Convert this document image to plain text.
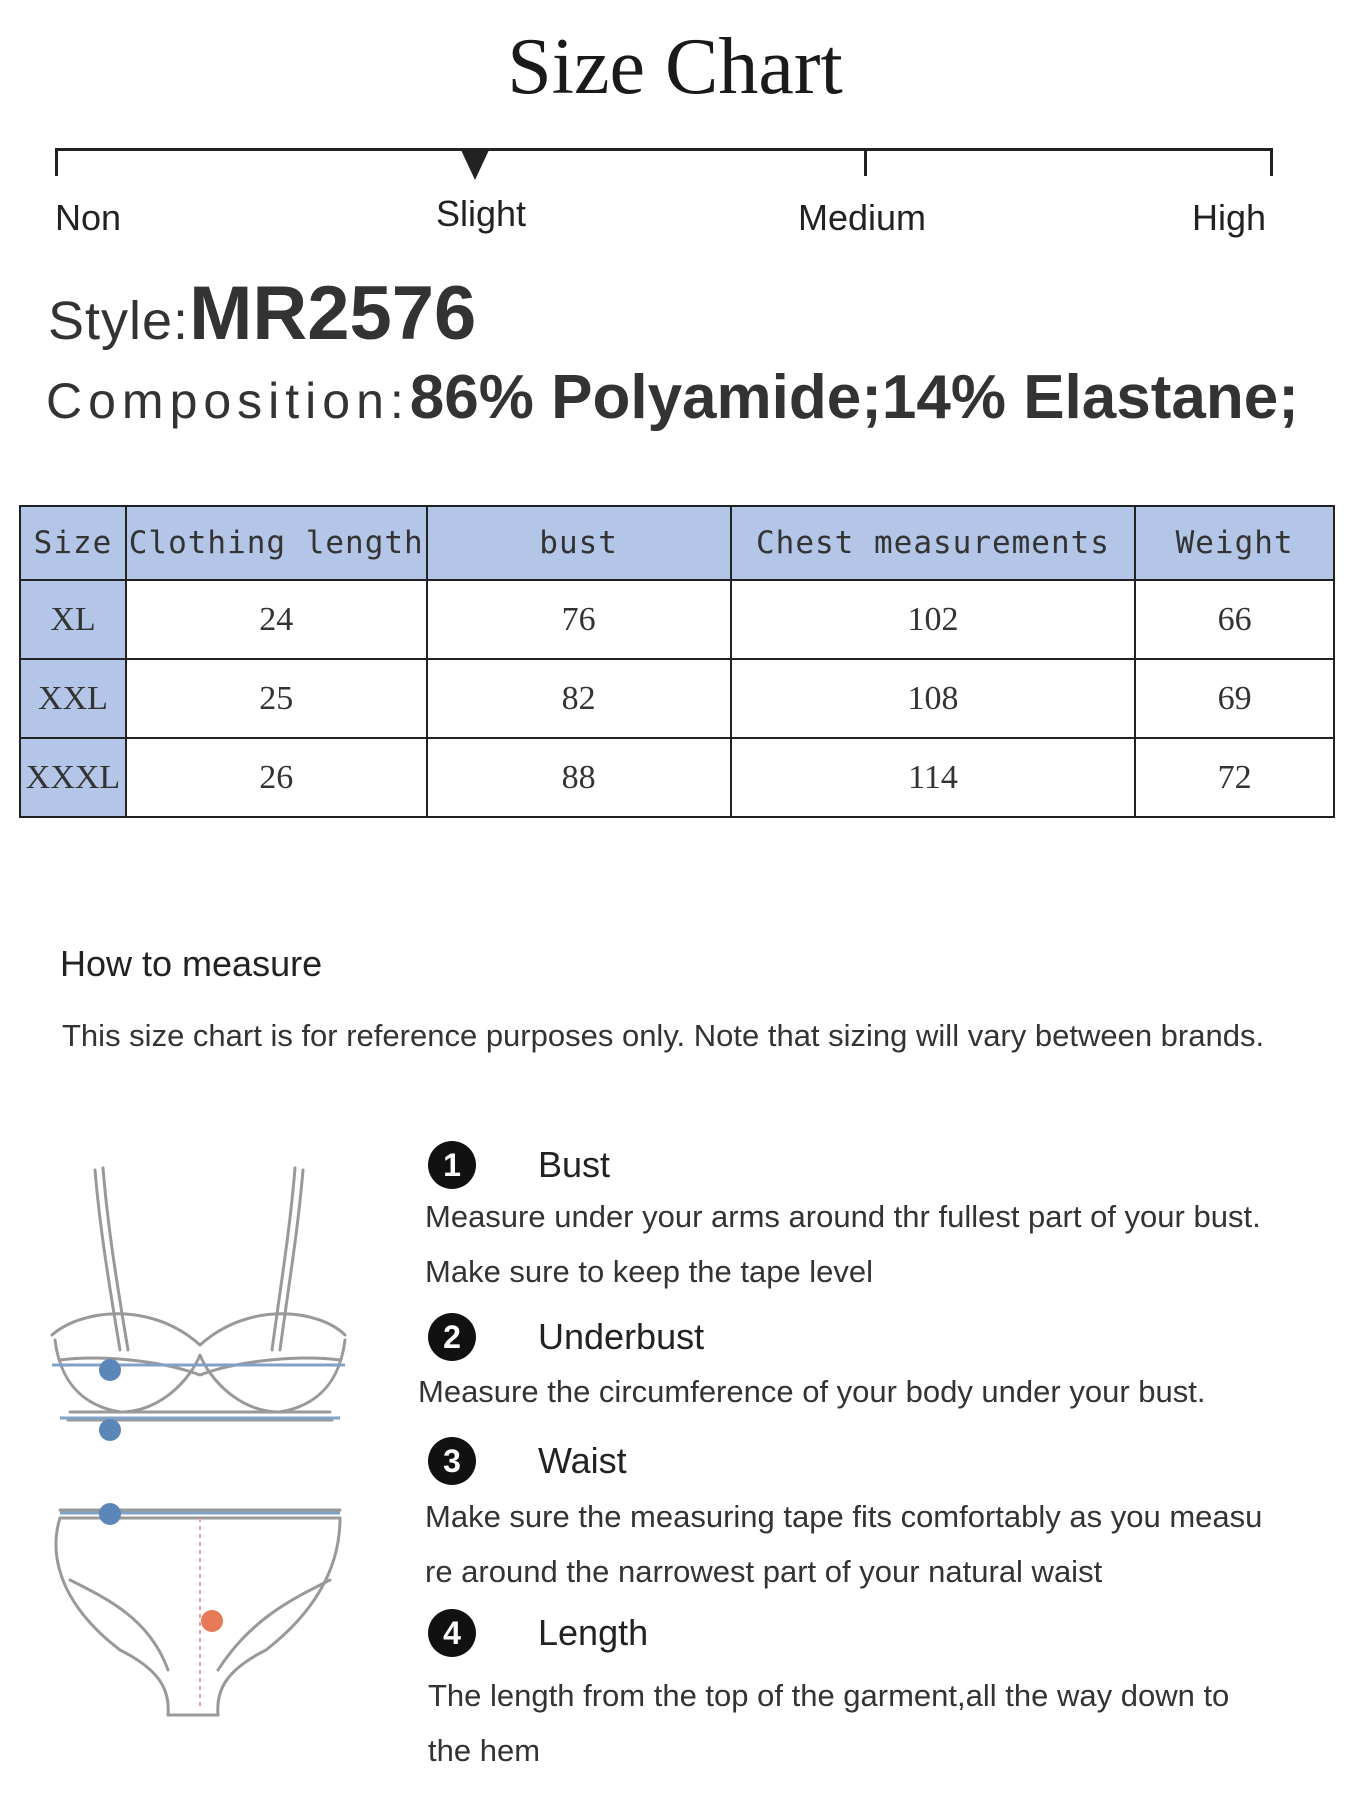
Size Chart
Non	Slight	Medium	High
Style:MR2576
Composition:86% Polyamide;14% Elastane;
Size	Clothing length	bust	Chest measurements	Weight
XL	24	76	102	66
XXL	25	82	108	69
XXXL	26	88	114	72
How to measure
This size chart is for reference purposes only. Note that sizing will vary between brands.
1	Bust
Measure under your arms around thr fullest part of your bust.
Make sure to keep the tape level
2	Underbust
Measure the circumference of your body under your bust.
3	Waist
Make sure the measuring tape fits comfortably as you measu
re around the narrowest part of your natural waist
4	Length
The length from the top of the garment,all the way down to
the hem
